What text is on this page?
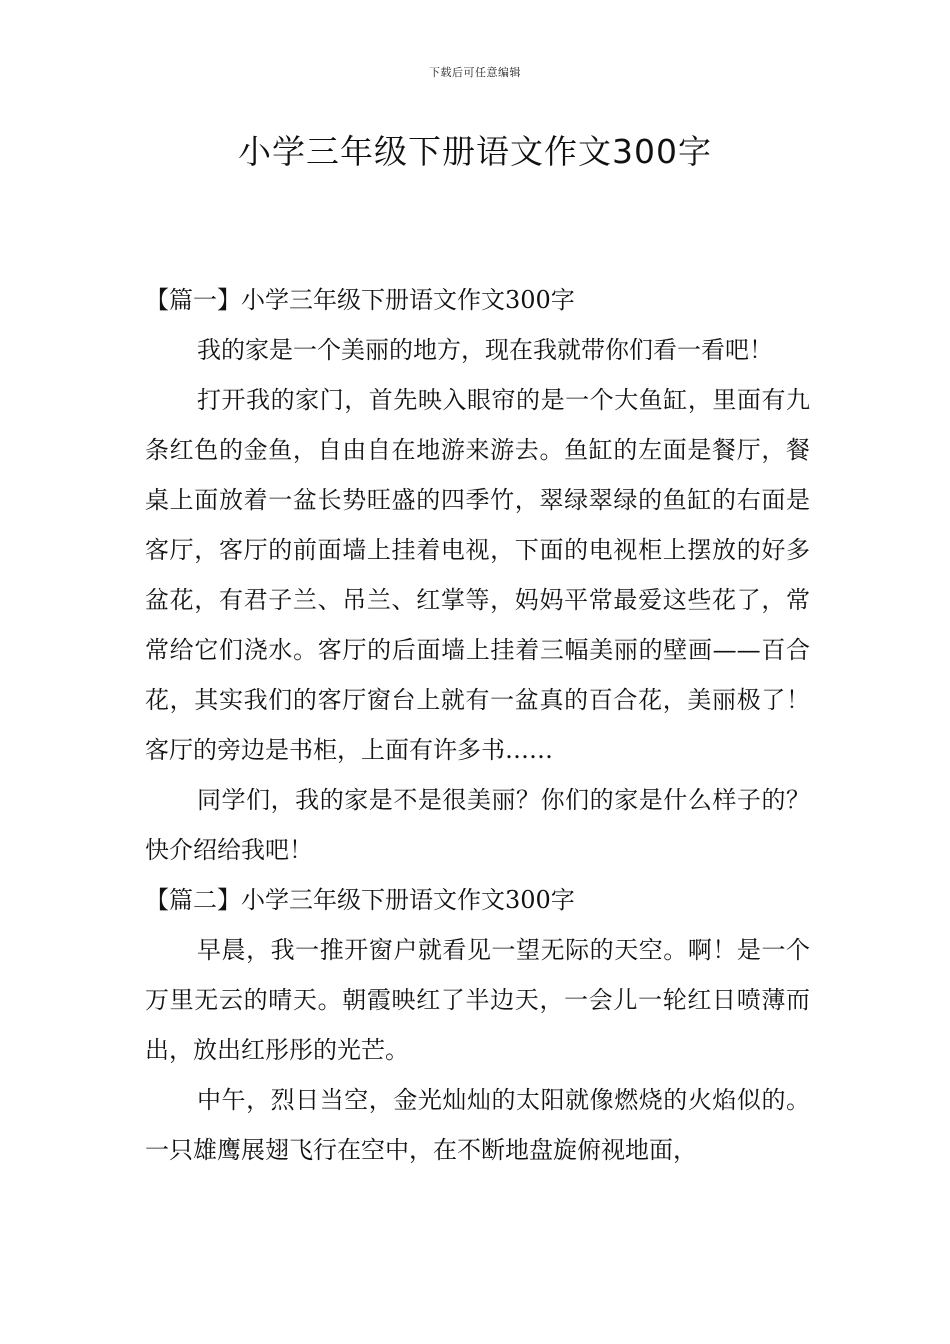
下载后可任意编辑
小学三年级下册语文作文300字

【篇一】小学三年级下册语文作文300字

我的家是一个美丽的地方，现在我就带你们看一看吧！

打开我的家门，首先映入眼帘的是一个大鱼缸，里面有九条红色的金鱼，自由自在地游来游去。鱼缸的左面是餐厅，餐桌上面放着一盆长势旺盛的四季竹，翠绿翠绿的鱼缸的右面是客厅，客厅的前面墙上挂着电视，下面的电视柜上摆放的好多盆花，有君子兰、吊兰、红掌等，妈妈平常最爱这些花了，常常给它们浇水。客厅的后面墙上挂着三幅美丽的壁画——百合花，其实我们的客厅窗台上就有一盆真的百合花，美丽极了！客厅的旁边是书柜，上面有许多书……

同学们，我的家是不是很美丽？你们的家是什么样子的？快介绍给我吧！

【篇二】小学三年级下册语文作文300字

早晨，我一推开窗户就看见一望无际的天空。啊！是一个万里无云的晴天。朝霞映红了半边天，一会儿一轮红日喷薄而出，放出红彤彤的光芒。

中午，烈日当空，金光灿灿的太阳就像燃烧的火焰似的。一只雄鹰展翅飞行在空中，在不断地盘旋俯视地面，
